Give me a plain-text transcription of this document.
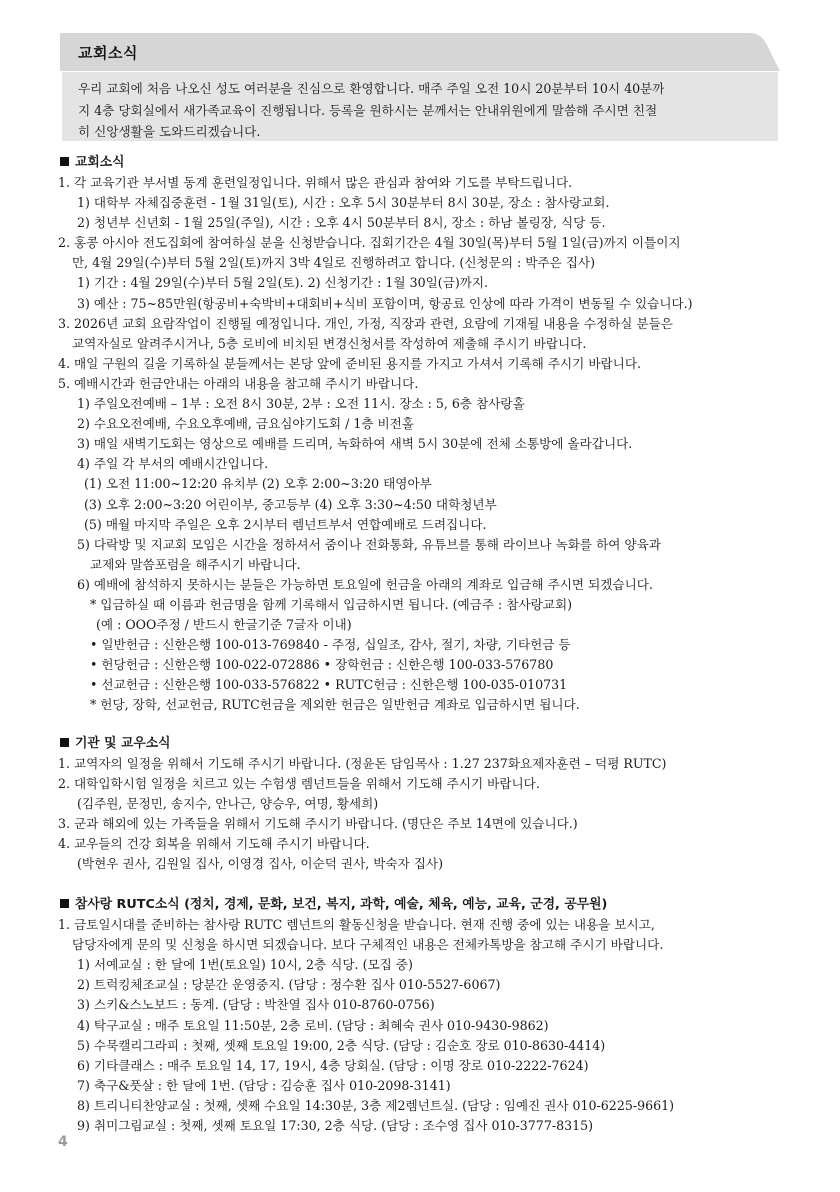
교회소식

우리 교회에 처음 나오신 성도 여러분을 진심으로 환영합니다. 매주 주일 오전 10시 20분부터 10시 40분까

지 4층 당회실에서 새가족교육이 진행됩니다. 등록을 원하시는 분께서는 안내위원에게 말씀해 주시면 친절

히 신앙생활을 도와드리겠습니다.

교회소식
1. 각 교육기관 부서별 동계 훈련일정입니다. 위해서 많은 관심과 참여와 기도를 부탁드립니다.
1) 대학부 자체집중훈련 - 1월 31일(토), 시간 : 오후 5시 30분부터 8시 30분, 장소 : 참사랑교회.
2) 청년부 신년회 - 1월 25일(주일), 시간 : 오후 4시 50분부터 8시, 장소 : 하남 볼링장, 식당 등.
2. 홍콩 아시아 전도집회에 참여하실 분을 신청받습니다. 집회기간은 4월 30일(목)부터 5월 1일(금)까지 이틀이지
만, 4월 29일(수)부터 5월 2일(토)까지 3박 4일로 진행하려고 합니다. (신청문의 : 박주은 집사)
1) 기간 : 4월 29일(수)부터 5월 2일(토). 2) 신청기간 : 1월 30일(금)까지.
3) 예산 : 75~85만원(항공비+숙박비+대회비+식비 포함이며, 항공료 인상에 따라 가격이 변동될 수 있습니다.)
3. 2026년 교회 요람작업이 진행될 예정입니다. 개인, 가정, 직장과 관련, 요람에 기재될 내용을 수정하실 분들은
교역자실로 알려주시거나, 5층 로비에 비치된 변경신청서를 작성하여 제출해 주시기 바랍니다.
4. 매일 구원의 길을 기록하실 분들께서는 본당 앞에 준비된 용지를 가지고 가셔서 기록해 주시기 바랍니다.
5. 예배시간과 헌금안내는 아래의 내용을 참고해 주시기 바랍니다.
1) 주일오전예배 – 1부 : 오전 8시 30분, 2부 : 오전 11시. 장소 : 5, 6층 참사랑홀
2) 수요오전예배, 수요오후예배, 금요심야기도회 / 1층 비전홀
3) 매일 새벽기도회는 영상으로 예배를 드리며, 녹화하여 새벽 5시 30분에 전체 소통방에 올라갑니다.
4) 주일 각 부서의 예배시간입니다.
(1) 오전 11:00~12:20 유치부 (2) 오후 2:00~3:20 태영아부
(3) 오후 2:00~3:20 어린이부, 중고등부 (4) 오후 3:30~4:50 대학청년부
(5) 매월 마지막 주일은 오후 2시부터 렘넌트부서 연합예배로 드려집니다.
5) 다락방 및 지교회 모임은 시간을 정하셔서 줌이나 전화통화, 유튜브를 통해 라이브나 녹화를 하여 양육과
교제와 말씀포럼을 해주시기 바랍니다.
6) 예배에 참석하지 못하시는 분들은 가능하면 토요일에 헌금을 아래의 계좌로 입금해 주시면 되겠습니다.
* 입금하실 때 이름과 헌금명을 함께 기록해서 입금하시면 됩니다. (예금주 : 참사랑교회)
(예 : OOO주정 / 반드시 한글기준 7글자 이내)
• 일반헌금 : 신한은행 100-013-769840 - 주정, 십일조, 감사, 절기, 차량, 기타헌금 등
• 헌당헌금 : 신한은행 100-022-072886 • 장학헌금 : 신한은행 100-033-576780
• 선교헌금 : 신한은행 100-033-576822 • RUTC헌금 : 신한은행 100-035-010731
* 헌당, 장학, 선교헌금, RUTC헌금을 제외한 헌금은 일반헌금 계좌로 입금하시면 됩니다.
기관 및 교우소식
1. 교역자의 일정을 위해서 기도해 주시기 바랍니다. (정윤돈 담임목사 : 1.27 237화요제자훈련 – 덕평 RUTC)
2. 대학입학시험 일정을 치르고 있는 수험생 렘넌트들을 위해서 기도해 주시기 바랍니다.
(김주원, 문정민, 송지수, 안나근, 양승우, 여명, 황세희)
3. 군과 해외에 있는 가족들을 위해서 기도해 주시기 바랍니다. (명단은 주보 14면에 있습니다.)
4. 교우들의 건강 회복을 위해서 기도해 주시기 바랍니다.
(박현우 권사, 김원일 집사, 이영경 집사, 이순덕 권사, 박숙자 집사)
참사랑 RUTC소식 (정치, 경제, 문화, 보건, 복지, 과학, 예술, 체육, 예능, 교육, 군경, 공무원)
1. 금토일시대를 준비하는 참사랑 RUTC 렘넌트의 활동신청을 받습니다. 현재 진행 중에 있는 내용을 보시고,
담당자에게 문의 및 신청을 하시면 되겠습니다. 보다 구체적인 내용은 전체카톡방을 참고해 주시기 바랍니다.
1) 서예교실 : 한 달에 1번(토요일) 10시, 2층 식당. (모집 중)
2) 트럭킹체조교실 : 당분간 운영중지. (담당 : 정수환 집사 010-5527-6067)
3) 스키&스노보드 : 동계. (담당 : 박찬열 집사 010-8760-0756)
4) 탁구교실 : 매주 토요일 11:50분, 2층 로비. (담당 : 최혜숙 권사 010-9430-9862)
5) 수묵캘리그라피 : 첫째, 셋째 토요일 19:00, 2층 식당. (담당 : 김순호 장로 010-8630-4414)
6) 기타클래스 : 매주 토요일 14, 17, 19시, 4층 당회실. (담당 : 이명 장로 010-2222-7624)
7) 축구&풋살 : 한 달에 1번. (담당 : 김승훈 집사 010-2098-3141)
8) 트리니티찬양교실 : 첫째, 셋째 수요일 14:30분, 3층 제2렘넌트실. (담당 : 임예진 권사 010-6225-9661)
9) 취미그림교실 : 첫째, 셋째 토요일 17:30, 2층 식당. (담당 : 조수영 집사 010-3777-8315)
4
